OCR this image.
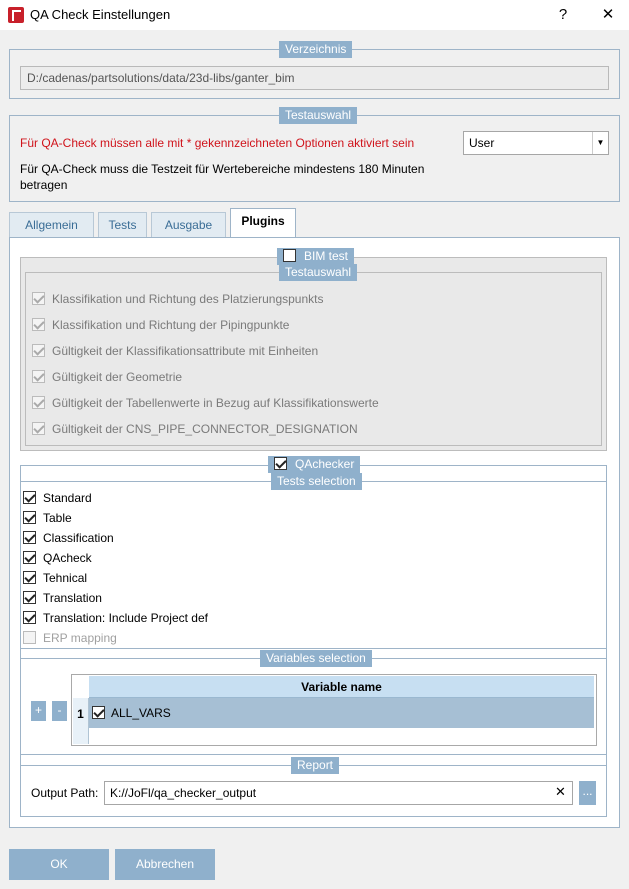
QA Check Einstellungen	?	✕
Verzeichnis
D:/cadenas/partsolutions/data/23d-libs/ganter_bim
Testauswahl
Für QA-Check müssen alle mit * gekennzeichneten Optionen aktiviert sein
Für QA-Check muss die Testzeit für Wertebereiche mindestens 180 Minuten
betragen
User	▼
Allgemein	Tests	Ausgabe	Plugins
BIM test
Testauswahl
Klassifikation und Richtung des Platzierungspunkts
Klassifikation und Richtung der Pipingpunkte
Gültigkeit der Klassifikationsattribute mit Einheiten
Gültigkeit der Geometrie
Gültigkeit der Tabellenwerte in Bezug auf Klassifikationswerte
Gültigkeit der CNS_PIPE_CONNECTOR_DESIGNATION
QAchecker
Tests selection
Standard
Table
Classification
QAcheck
Tehnical
Translation
Translation: Include Project def
ERP mapping
Variables selection
+	-
Variable name
1	ALL_VARS
Report
Output Path: K://JoFl/qa_checker_output	✕ ...
OK	Abbrechen
